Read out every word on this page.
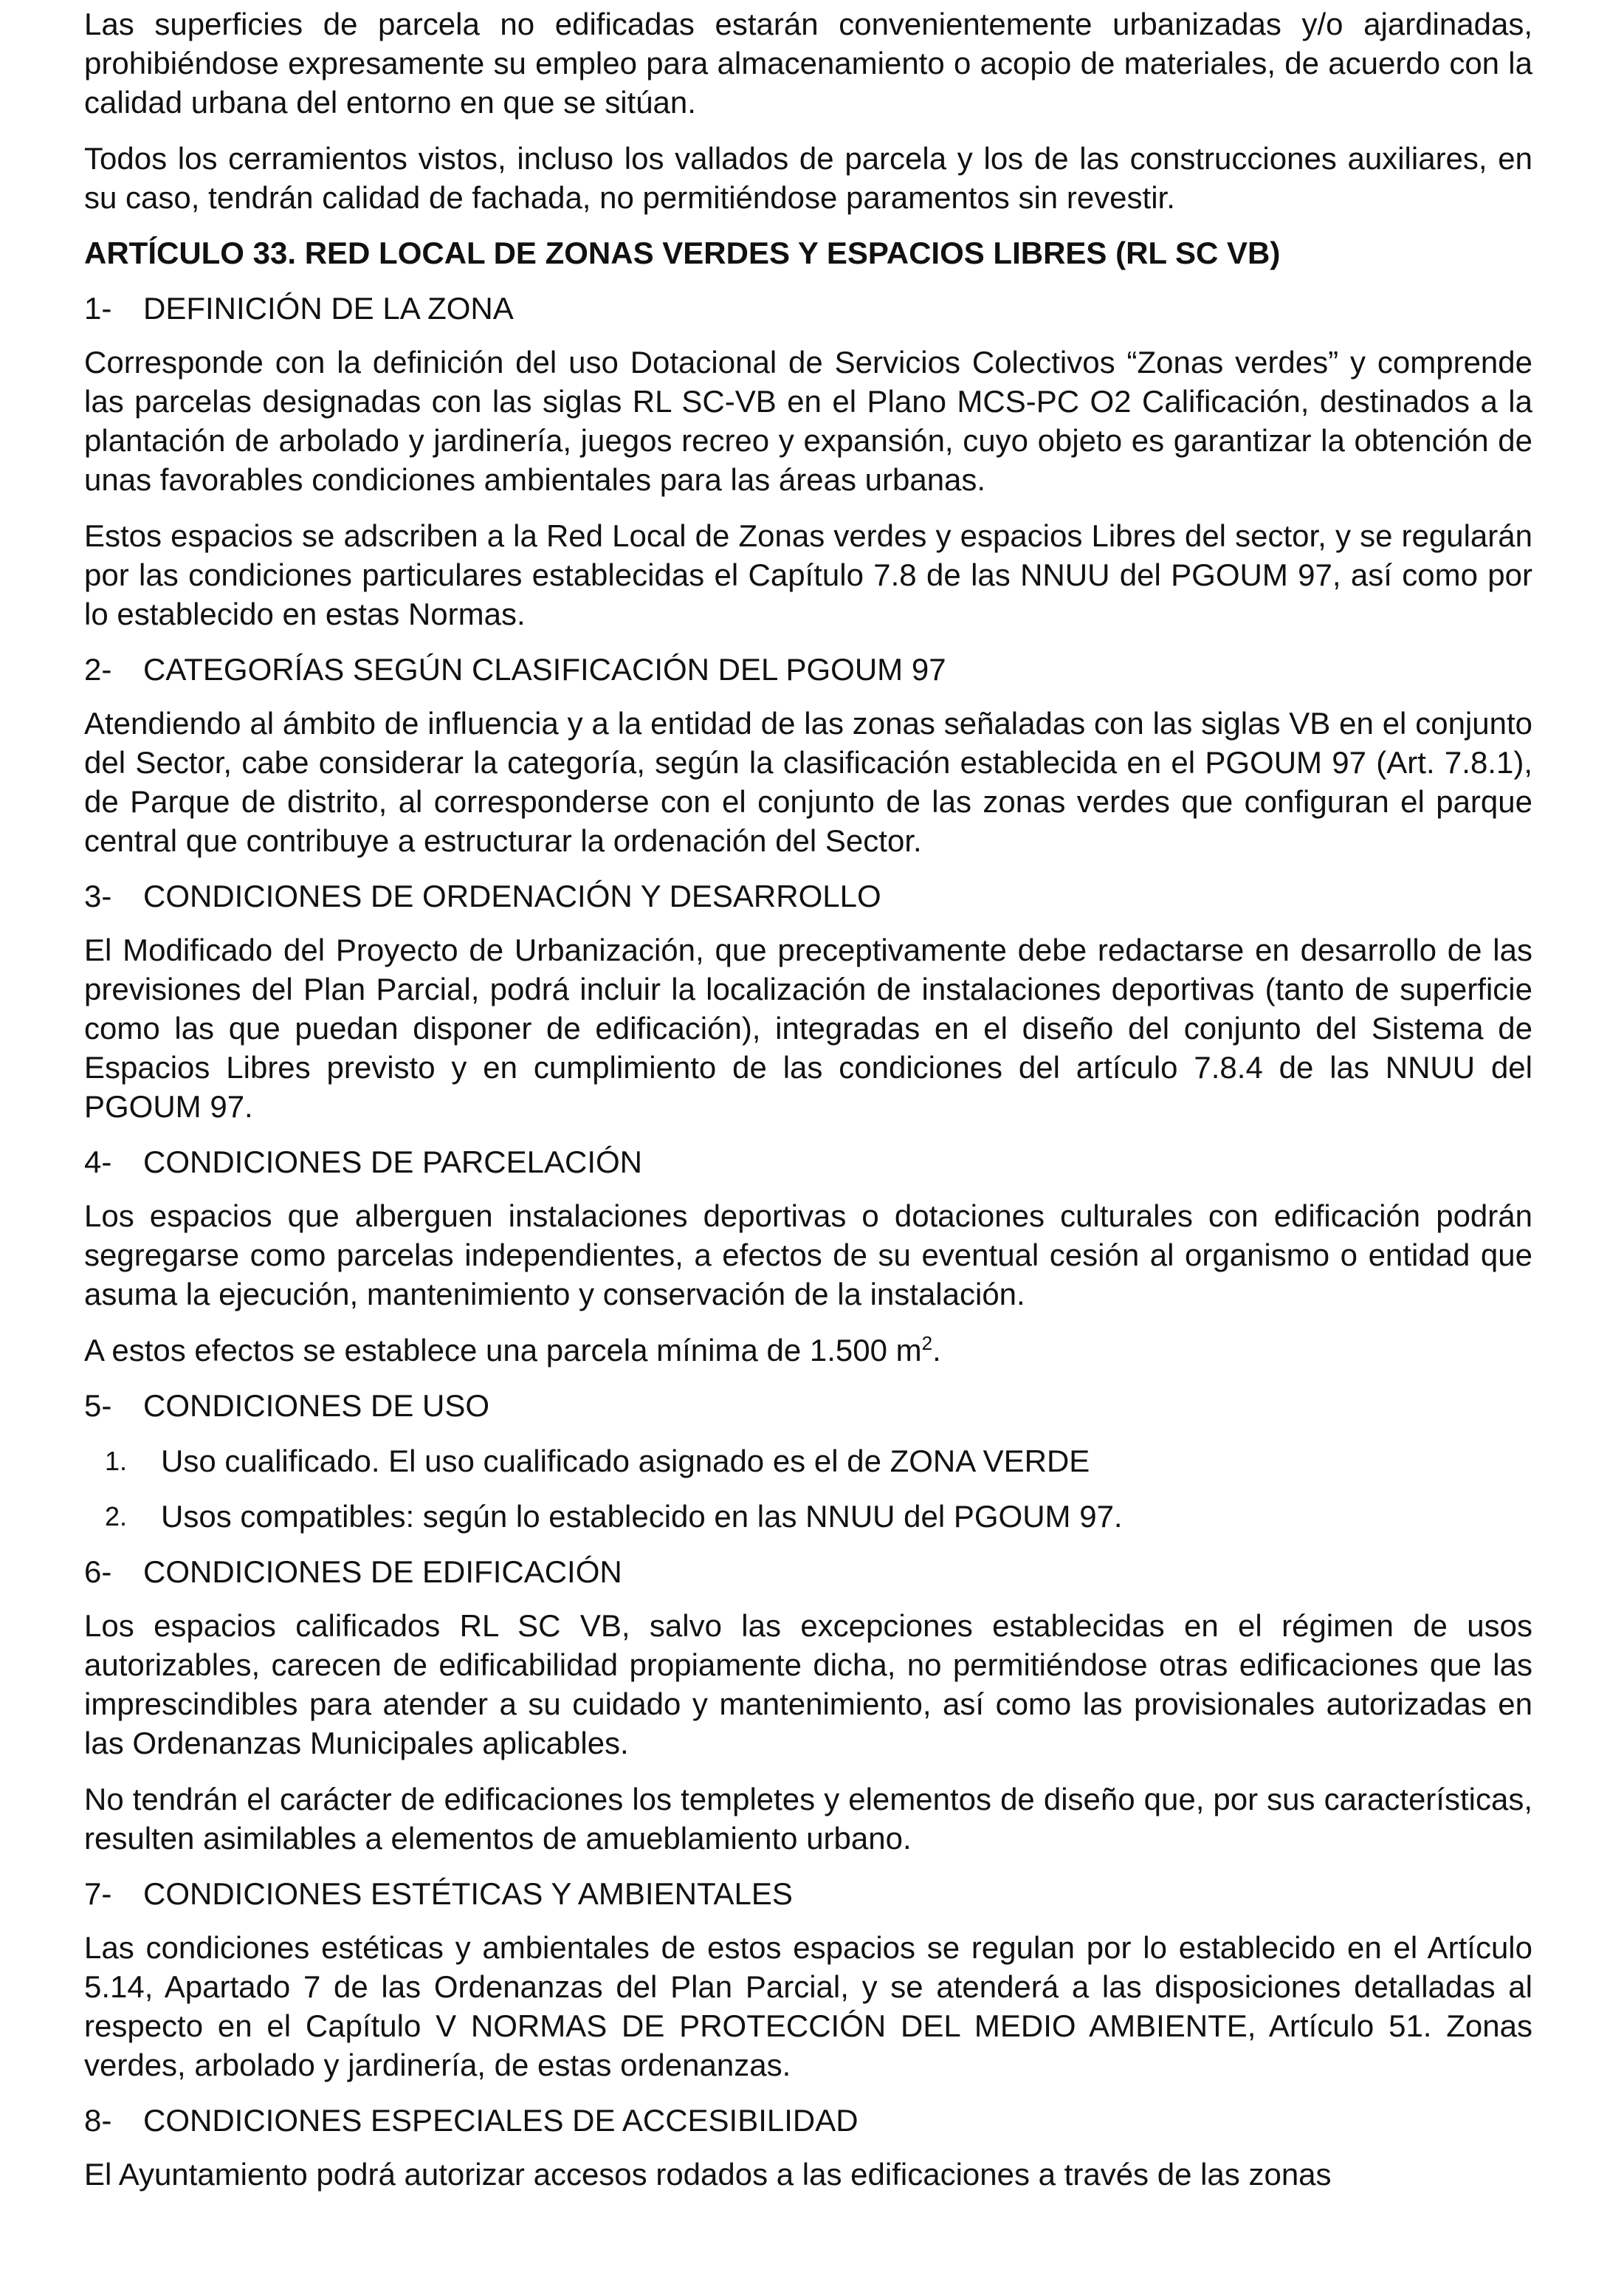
Las superficies de parcela no edificadas estarán convenientemente urbanizadas y/o ajardinadas, prohibiéndose expresamente su empleo para almacenamiento o acopio de materiales, de acuerdo con la calidad urbana del entorno en que se sitúan.

Todos los cerramientos vistos, incluso los vallados de parcela y los de las construcciones auxiliares, en su caso, tendrán calidad de fachada, no permitiéndose paramentos sin revestir.

ARTÍCULO 33. RED LOCAL DE ZONAS VERDES Y ESPACIOS LIBRES (RL SC VB)

1-	DEFINICIÓN DE LA ZONA

Corresponde con la definición del uso Dotacional de Servicios Colectivos “Zonas verdes” y comprende las parcelas designadas con las siglas RL SC-VB en el Plano MCS-PC O2 Calificación, destinados a la plantación de arbolado y jardinería, juegos recreo y expansión, cuyo objeto es garantizar la obtención de unas favorables condiciones ambientales para las áreas urbanas.

Estos espacios se adscriben a la Red Local de Zonas verdes y espacios Libres del sector, y se regularán por las condiciones particulares establecidas el Capítulo 7.8 de las NNUU del PGOUM 97, así como por lo establecido en estas Normas.

2-	CATEGORÍAS SEGÚN CLASIFICACIÓN DEL PGOUM 97

Atendiendo al ámbito de influencia y a la entidad de las zonas señaladas con las siglas VB en el conjunto del Sector, cabe considerar la categoría, según la clasificación establecida en el PGOUM 97 (Art. 7.8.1), de Parque de distrito, al corresponderse con el conjunto de las zonas verdes que configuran el parque central que contribuye a estructurar la ordenación del Sector.

3-	CONDICIONES DE ORDENACIÓN Y DESARROLLO

El Modificado del Proyecto de Urbanización, que preceptivamente debe redactarse en desarrollo de las previsiones del Plan Parcial, podrá incluir la localización de instalaciones deportivas (tanto de superficie como las que puedan disponer de edificación), integradas en el diseño del conjunto del Sistema de Espacios Libres previsto y en cumplimiento de las condiciones del artículo 7.8.4 de las NNUU del PGOUM 97.

4-	CONDICIONES DE PARCELACIÓN

Los espacios que alberguen instalaciones deportivas o dotaciones culturales con edificación podrán segregarse como parcelas independientes, a efectos de su eventual cesión al organismo o entidad que asuma la ejecución, mantenimiento y conservación de la instalación.

A estos efectos se establece una parcela mínima de 1.500 $m^2$.

5-	CONDICIONES DE USO
1.	Uso cualificado. El uso cualificado asignado es el de ZONA VERDE
2.	Usos compatibles: según lo establecido en las NNUU del PGOUM 97.
6-	CONDICIONES DE EDIFICACIÓN

Los espacios calificados RL SC VB, salvo las excepciones establecidas en el régimen de usos autorizables, carecen de edificabilidad propiamente dicha, no permitiéndose otras edificaciones que las imprescindibles para atender a su cuidado y mantenimiento, así como las provisionales autorizadas en las Ordenanzas Municipales aplicables.

No tendrán el carácter de edificaciones los templetes y elementos de diseño que, por sus características, resulten asimilables a elementos de amueblamiento urbano.

7-	CONDICIONES ESTÉTICAS Y AMBIENTALES

Las condiciones estéticas y ambientales de estos espacios se regulan por lo establecido en el Artículo 5.14, Apartado 7 de las Ordenanzas del Plan Parcial, y se atenderá a las disposiciones detalladas al respecto en el Capítulo V NORMAS DE PROTECCIÓN DEL MEDIO AMBIENTE, Artículo 51. Zonas verdes, arbolado y jardinería, de estas ordenanzas.

8-	CONDICIONES ESPECIALES DE ACCESIBILIDAD

El Ayuntamiento podrá autorizar accesos rodados a las edificaciones a través de las zonas
